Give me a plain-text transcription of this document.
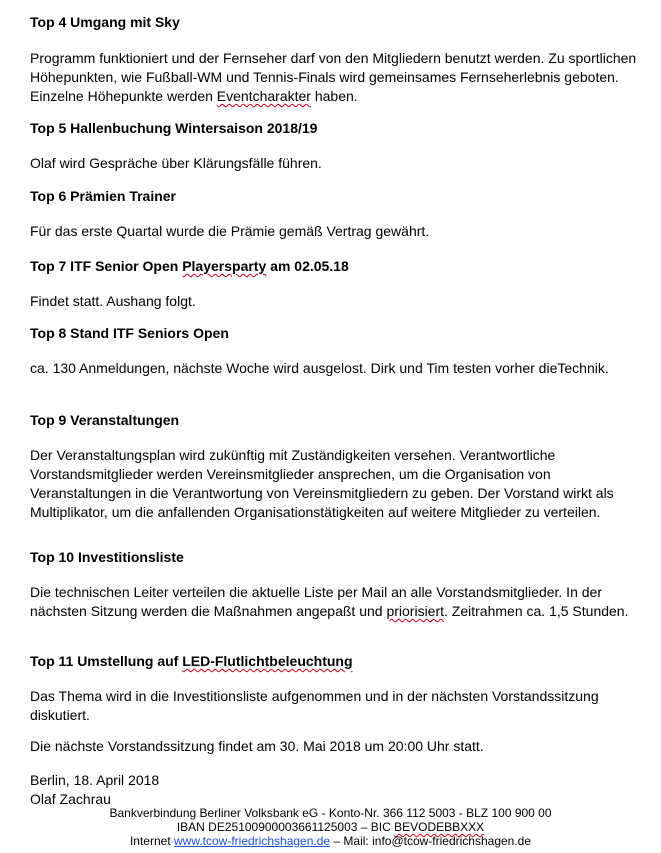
Top 4 Umgang mit Sky

Programm funktioniert und der Fernseher darf von den Mitgliedern benutzt werden. Zu sportlichen Höhepunkten, wie Fußball-WM und Tennis-Finals wird gemeinsames Fernseherlebnis geboten. Einzelne Höhepunkte werden Eventcharakter haben.

Top 5 Hallenbuchung Wintersaison 2018/19

Olaf wird Gespräche über Klärungsfälle führen.

Top 6 Prämien Trainer

Für das erste Quartal wurde die Prämie gemäß Vertrag gewährt.

Top 7 ITF Senior Open Playersparty am 02.05.18

Findet statt. Aushang folgt.

Top 8 Stand ITF Seniors Open

ca. 130 Anmeldungen, nächste Woche wird ausgelost. Dirk und Tim testen vorher dieTechnik.

Top 9 Veranstaltungen

Der Veranstaltungsplan wird zukünftig mit Zuständigkeiten versehen. Verantwortliche Vorstandsmitglieder werden Vereinsmitglieder ansprechen, um die Organisation von Veranstaltungen in die Verantwortung von Vereinsmitgliedern zu geben. Der Vorstand wirkt als Multiplikator, um die anfallenden Organisationstätigkeiten auf weitere Mitglieder zu verteilen.

Top 10 Investitionsliste

Die technischen Leiter verteilen die aktuelle Liste per Mail an alle Vorstandsmitglieder. In der nächsten Sitzung werden die Maßnahmen angepaßt und priorisiert. Zeitrahmen ca. 1,5 Stunden.

Top 11 Umstellung auf LED-Flutlichtbeleuchtung

Das Thema wird in die Investitionsliste aufgenommen und in der nächsten Vorstandssitzung diskutiert.

Die nächste Vorstandssitzung findet am 30. Mai 2018 um 20:00 Uhr statt.

Berlin, 18. April 2018

Olaf Zachrau

Bankverbindung Berliner Volksbank eG - Konto-Nr. 366 112 5003 - BLZ 100 900 00
IBAN DE25100900003661125003 – BIC BEVODEBBXXX
Internet www.tcow-friedrichshagen.de – Mail: info@tcow-friedrichshagen.de
